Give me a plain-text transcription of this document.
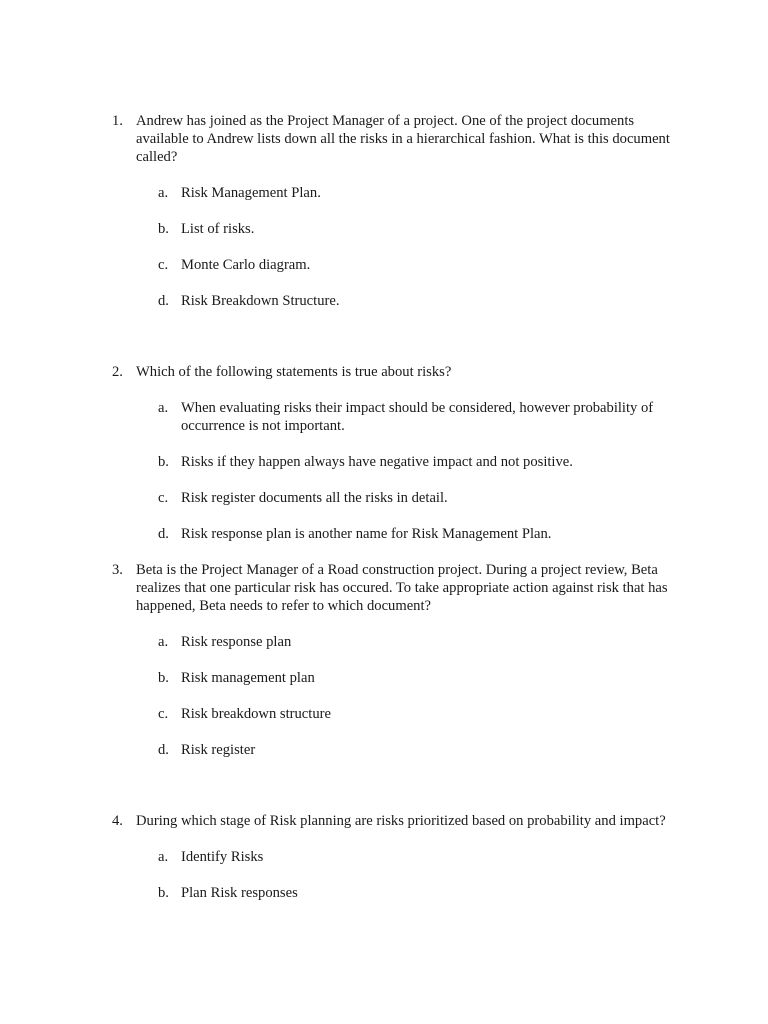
1. Andrew has joined as the Project Manager of a project. One of the project documents available to Andrew lists down all the risks in a hierarchical fashion. What is this document called?
a. Risk Management Plan.
b. List of risks.
c. Monte Carlo diagram.
d. Risk Breakdown Structure.
2. Which of the following statements is true about risks?
a. When evaluating risks their impact should be considered, however probability of occurrence is not important.
b. Risks if they happen always have negative impact and not positive.
c. Risk register documents all the risks in detail.
d. Risk response plan is another name for Risk Management Plan.
3. Beta is the Project Manager of a Road construction project. During a project review, Beta realizes that one particular risk has occured. To take appropriate action against risk that has happened, Beta needs to refer to which document?
a. Risk response plan
b. Risk management plan
c. Risk breakdown structure
d. Risk register
4. During which stage of Risk planning are risks prioritized based on probability and impact?
a. Identify Risks
b. Plan Risk responses
